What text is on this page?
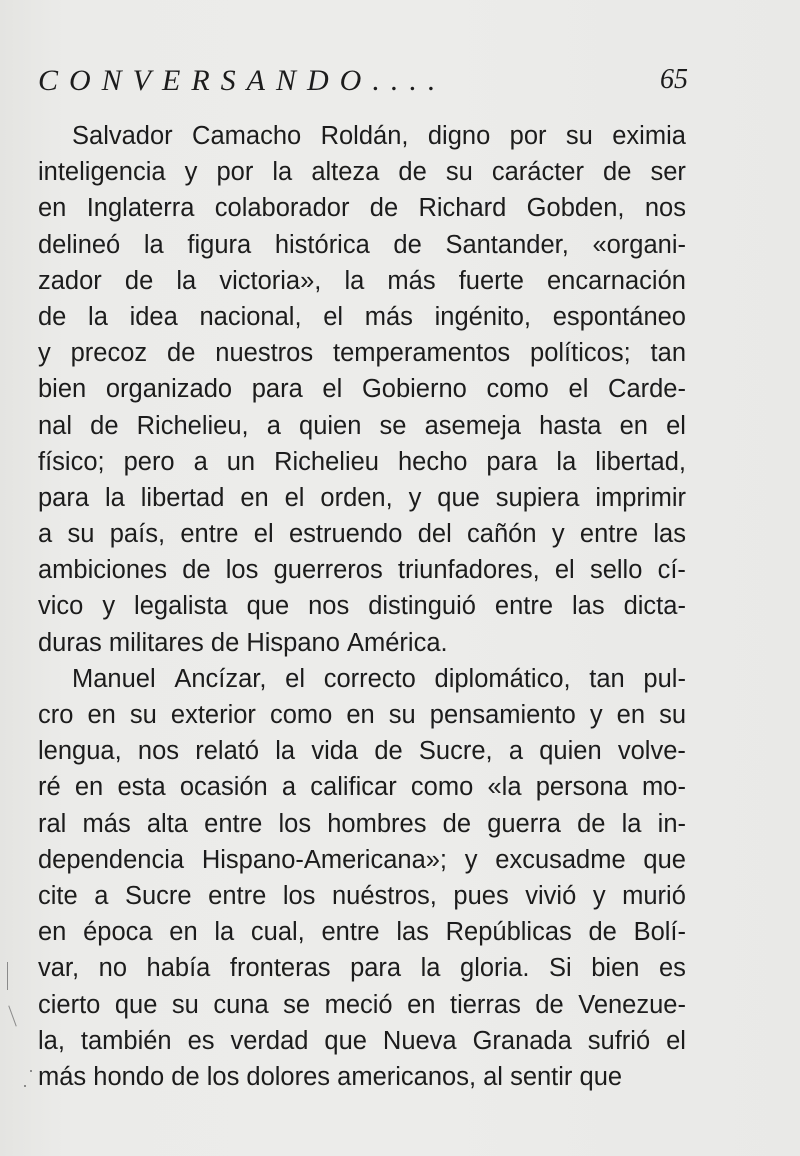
CONVERSANDO....	65
Salvador Camacho Roldán, digno por su eximia
inteligencia y por la alteza de su carácter de ser
en Inglaterra colaborador de Richard Gobden, nos
delineó la figura histórica de Santander, «organi-
zador de la victoria», la más fuerte encarnación
de la idea nacional, el más ingénito, espontáneo
y precoz de nuestros temperamentos políticos; tan
bien organizado para el Gobierno como el Carde-
nal de Richelieu, a quien se asemeja hasta en el
físico; pero a un Richelieu hecho para la libertad,
para la libertad en el orden, y que supiera imprimir
a su país, entre el estruendo del cañón y entre las
ambiciones de los guerreros triunfadores, el sello cí-
vico y legalista que nos distinguió entre las dicta-
duras militares de Hispano América.
Manuel Ancízar, el correcto diplomático, tan pul-
cro en su exterior como en su pensamiento y en su
lengua, nos relató la vida de Sucre, a quien volve-
ré en esta ocasión a calificar como «la persona mo-
ral más alta entre los hombres de guerra de la in-
dependencia Hispano-Americana»; y excusadme que
cite a Sucre entre los nuéstros, pues vivió y murió
en época en la cual, entre las Repúblicas de Bolí-
var, no había fronteras para la gloria. Si bien es
cierto que su cuna se meció en tierras de Venezue-
la, también es verdad que Nueva Granada sufrió el
más hondo de los dolores americanos, al sentir que
